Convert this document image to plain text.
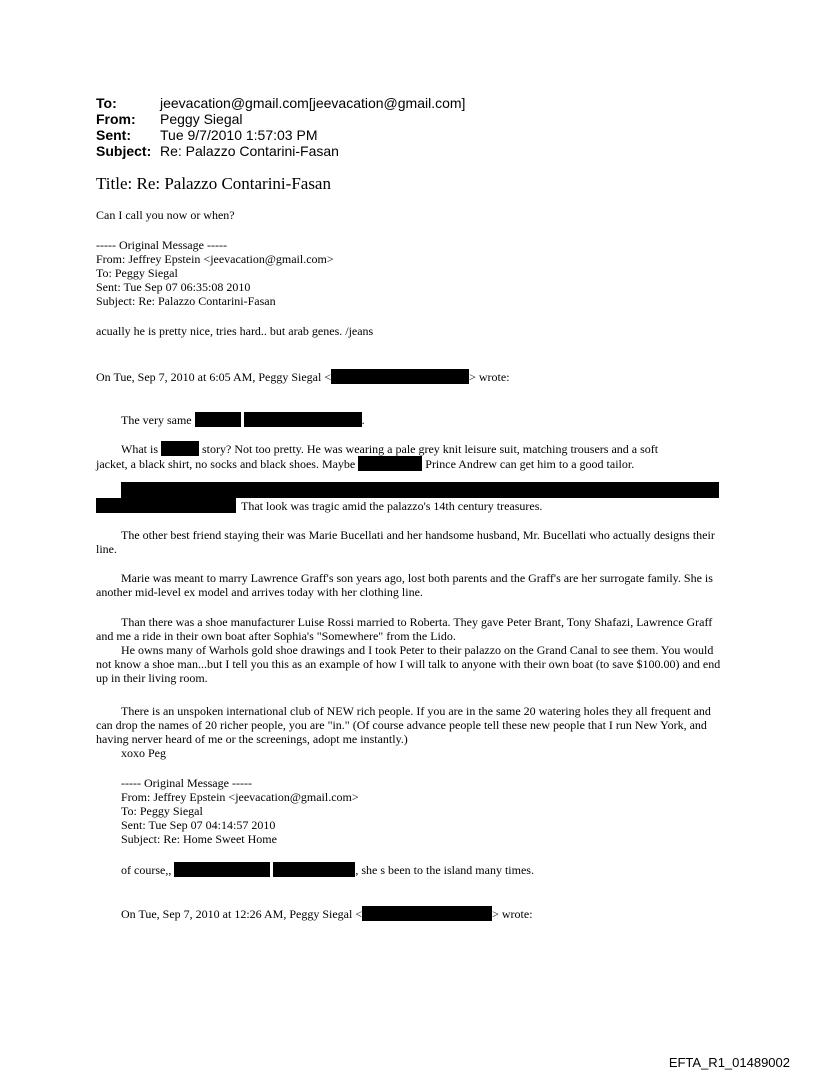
To:	jeevacation@gmail.com[jeevacation@gmail.com]
From:	Peggy Siegal
Sent:	Tue 9/7/2010 1:57:03 PM
Subject: Re: Palazzo Contarini-Fasan
Title: Re: Palazzo Contarini-Fasan
Can I call you now or when?
----- Original Message -----
From: Jeffrey Epstein <jeevacation@gmail.com>
To: Peggy Siegal
Sent: Tue Sep 07 06:35:08 2010
Subject: Re: Palazzo Contarini-Fasan
acually he is pretty nice, tries hard.. but arab genes. /jeans
On Tue, Sep 7, 2010 at 6:05 AM, Peggy Siegal <	> wrote:
The very same	.
What is	story? Not too pretty. He was wearing a pale grey knit leisure suit, matching trousers and a soft
jacket, a black shirt, no socks and black shoes. Maybe	Prince Andrew can get him to a good tailor.
That look was tragic amid the palazzo's 14th century treasures.
The other best friend staying their was Marie Bucellati and her handsome husband, Mr. Bucellati who actually designs their line.
Marie was meant to marry Lawrence Graff's son years ago, lost both parents and the Graff's are her surrogate family. She is another mid-level ex model and arrives today with her clothing line.
Than there was a shoe manufacturer Luise Rossi married to Roberta. They gave Peter Brant, Tony Shafazi, Lawrence Graff and me a ride in their own boat after Sophia's "Somewhere" from the Lido.
He owns many of Warhols gold shoe drawings and I took Peter to their palazzo on the Grand Canal to see them. You would not know a shoe man...but I tell you this as an example of how I will talk to anyone with their own boat (to save $100.00) and end up in their living room.
There is an unspoken international club of NEW rich people. If you are in the same 20 watering holes they all frequent and can drop the names of 20 richer people, you are "in." (Of course advance people tell these new people that I run New York, and having nerver heard of me or the screenings, adopt me instantly.)
xoxo Peg
----- Original Message -----
From: Jeffrey Epstein <jeevacation@gmail.com>
To: Peggy Siegal
Sent: Tue Sep 07 04:14:57 2010
Subject: Re: Home Sweet Home
of course,,	, she s been to the island many times.
On Tue, Sep 7, 2010 at 12:26 AM, Peggy Siegal <	> wrote:
EFTA_R1_01489002
